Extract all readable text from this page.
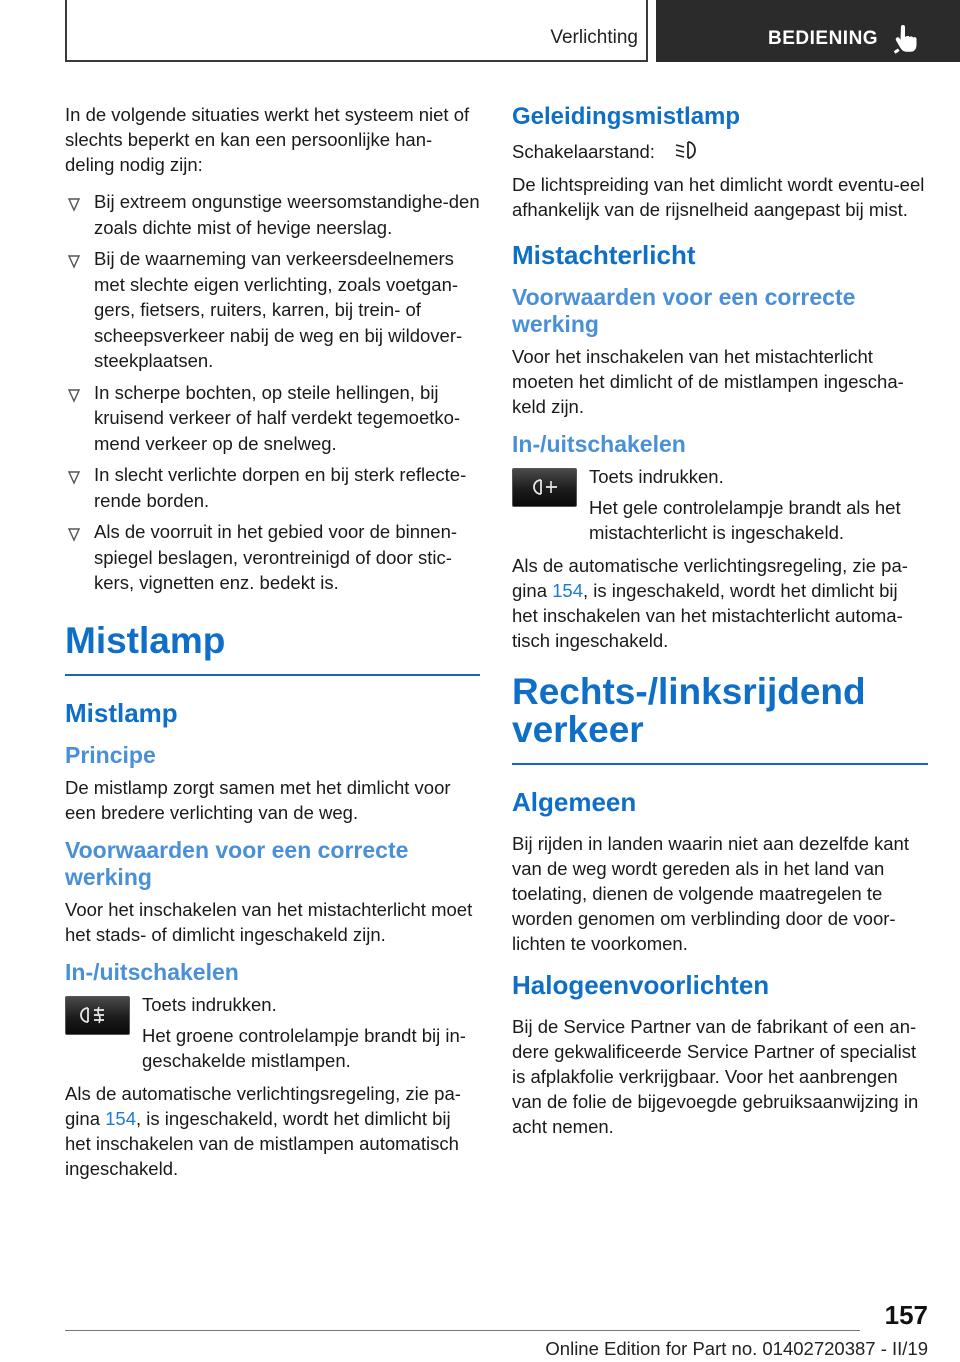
Verlichting	BEDIENING

In de volgende situaties werkt het systeem niet of slechts beperkt en kan een persoonlijke han-deling nodig zijn:

Bij extreem ongunstige weersomstandighe-den zoals dichte mist of hevige neerslag.
Bij de waarneming van verkeersdeelnemers met slechte eigen verlichting, zoals voetgan-gers, fietsers, ruiters, karren, bij trein- of scheepsverkeer nabij de weg en bij wildover-steekplaatsen.
In scherpe bochten, op steile hellingen, bij kruisend verkeer of half verdekt tegemoetko-mend verkeer op de snelweg.
In slecht verlichte dorpen en bij sterk reflecte-rende borden.
Als de voorruit in het gebied voor de binnen-spiegel beslagen, verontreinigd of door stic-kers, vignetten enz. bedekt is.
Mistlamp
Mistlamp
Principe

De mistlamp zorgt samen met het dimlicht voor een bredere verlichting van de weg.

Voorwaarden voor een correcte werking

Voor het inschakelen van het mistachterlicht moet het stads- of dimlicht ingeschakeld zijn.

In-/uitschakelen
Toets indrukken.
Het groene controlelampje brandt bij in-geschakelde mistlampen.

Als de automatische verlichtingsregeling, zie pa-gina 154, is ingeschakeld, wordt het dimlicht bij het inschakelen van de mistlampen automatisch ingeschakeld.

Geleidingsmistlamp

Schakelaarstand:

De lichtspreiding van het dimlicht wordt eventu-eel afhankelijk van de rijsnelheid aangepast bij mist.

Mistachterlicht
Voorwaarden voor een correcte werking

Voor het inschakelen van het mistachterlicht moeten het dimlicht of de mistlampen ingescha-keld zijn.

In-/uitschakelen
Toets indrukken.
Het gele controlelampje brandt als het mistachterlicht is ingeschakeld.

Als de automatische verlichtingsregeling, zie pa-gina 154, is ingeschakeld, wordt het dimlicht bij het inschakelen van het mistachterlicht automa-tisch ingeschakeld.

Rechts-/linksrijdend verkeer
Algemeen

Bij rijden in landen waarin niet aan dezelfde kant van de weg wordt gereden als in het land van toelating, dienen de volgende maatregelen te worden genomen om verblinding door de voor-lichten te voorkomen.

Halogeenvoorlichten

Bij de Service Partner van de fabrikant of een an-dere gekwalificeerde Service Partner of specialist is afplakfolie verkrijgbaar. Voor het aanbrengen van de folie de bijgevoegde gebruiksaanwijzing in acht nemen.

157
Online Edition for Part no. 01402720387 - II/19
